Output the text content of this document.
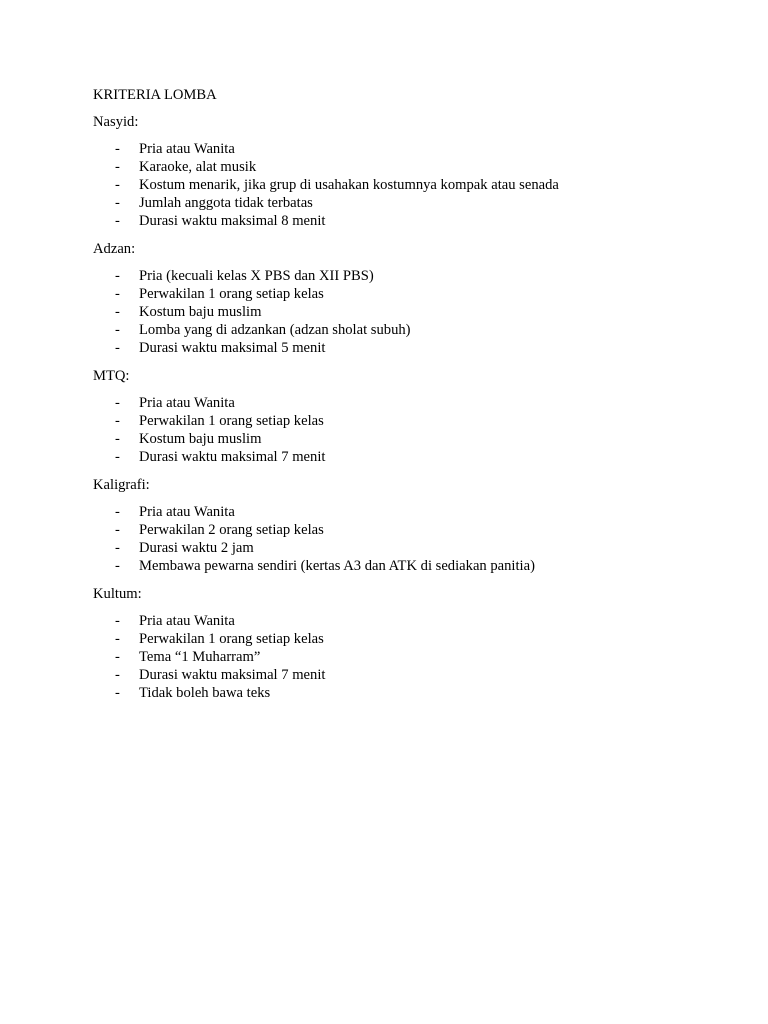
KRITERIA LOMBA
Nasyid:
- Pria atau Wanita
- Karaoke, alat musik
- Kostum menarik, jika grup di usahakan kostumnya kompak atau senada
- Jumlah anggota tidak terbatas
- Durasi waktu maksimal 8 menit
Adzan:
- Pria (kecuali kelas X PBS dan XII PBS)
- Perwakilan 1 orang setiap kelas
- Kostum baju muslim
- Lomba yang di adzankan (adzan sholat subuh)
- Durasi waktu maksimal 5 menit
MTQ:
- Pria atau Wanita
- Perwakilan 1 orang setiap kelas
- Kostum baju muslim
- Durasi waktu maksimal 7 menit
Kaligrafi:
- Pria atau Wanita
- Perwakilan 2 orang setiap kelas
- Durasi waktu 2 jam
- Membawa pewarna sendiri (kertas A3 dan ATK di sediakan panitia)
Kultum:
- Pria atau Wanita
- Perwakilan 1 orang setiap kelas
- Tema “1 Muharram”
- Durasi waktu maksimal 7 menit
- Tidak boleh bawa teks
